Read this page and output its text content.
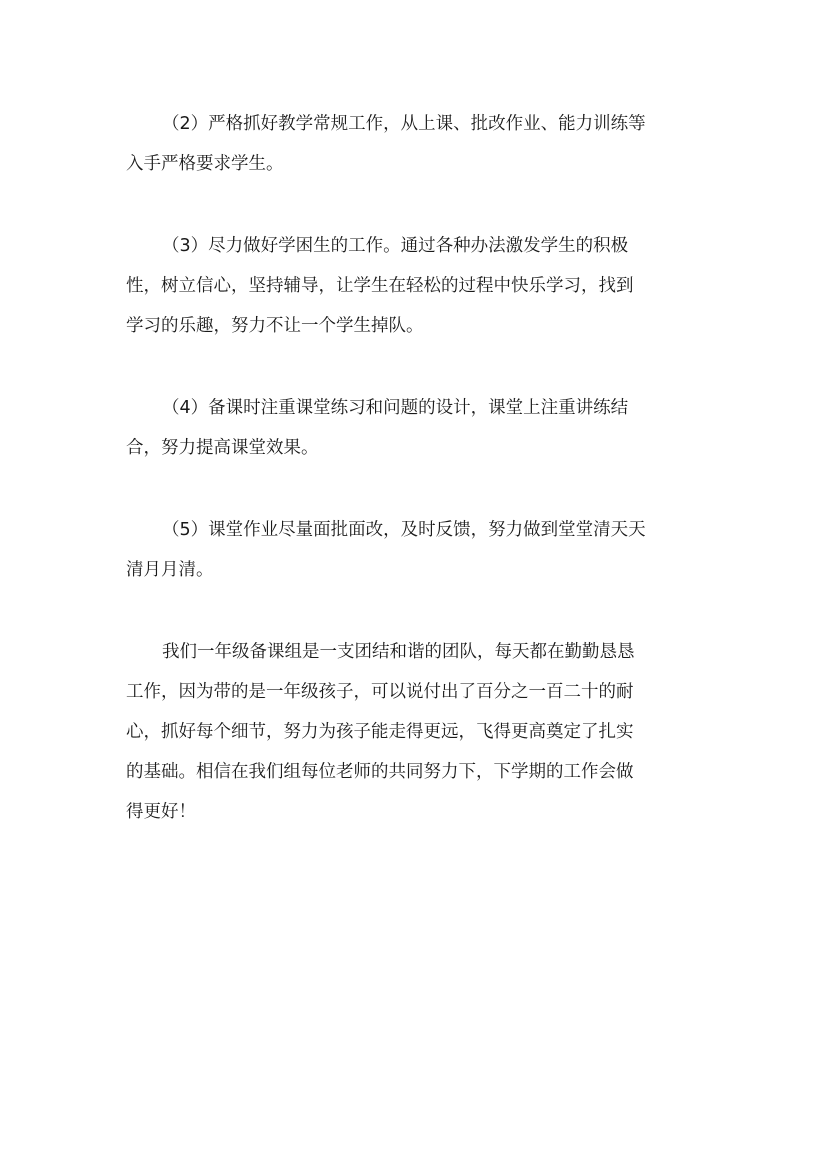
（2）严格抓好教学常规工作，从上课、批改作业、能力训练等
入手严格要求学生。
（3）尽力做好学困生的工作。通过各种办法激发学生的积极
性，树立信心，坚持辅导，让学生在轻松的过程中快乐学习，找到
学习的乐趣，努力不让一个学生掉队。
（4）备课时注重课堂练习和问题的设计，课堂上注重讲练结
合，努力提高课堂效果。
（5）课堂作业尽量面批面改，及时反馈，努力做到堂堂清天天
清月月清。
我们一年级备课组是一支团结和谐的团队，每天都在勤勤恳恳
工作，因为带的是一年级孩子，可以说付出了百分之一百二十的耐
心，抓好每个细节，努力为孩子能走得更远，飞得更高奠定了扎实
的基础。相信在我们组每位老师的共同努力下，下学期的工作会做
得更好！
